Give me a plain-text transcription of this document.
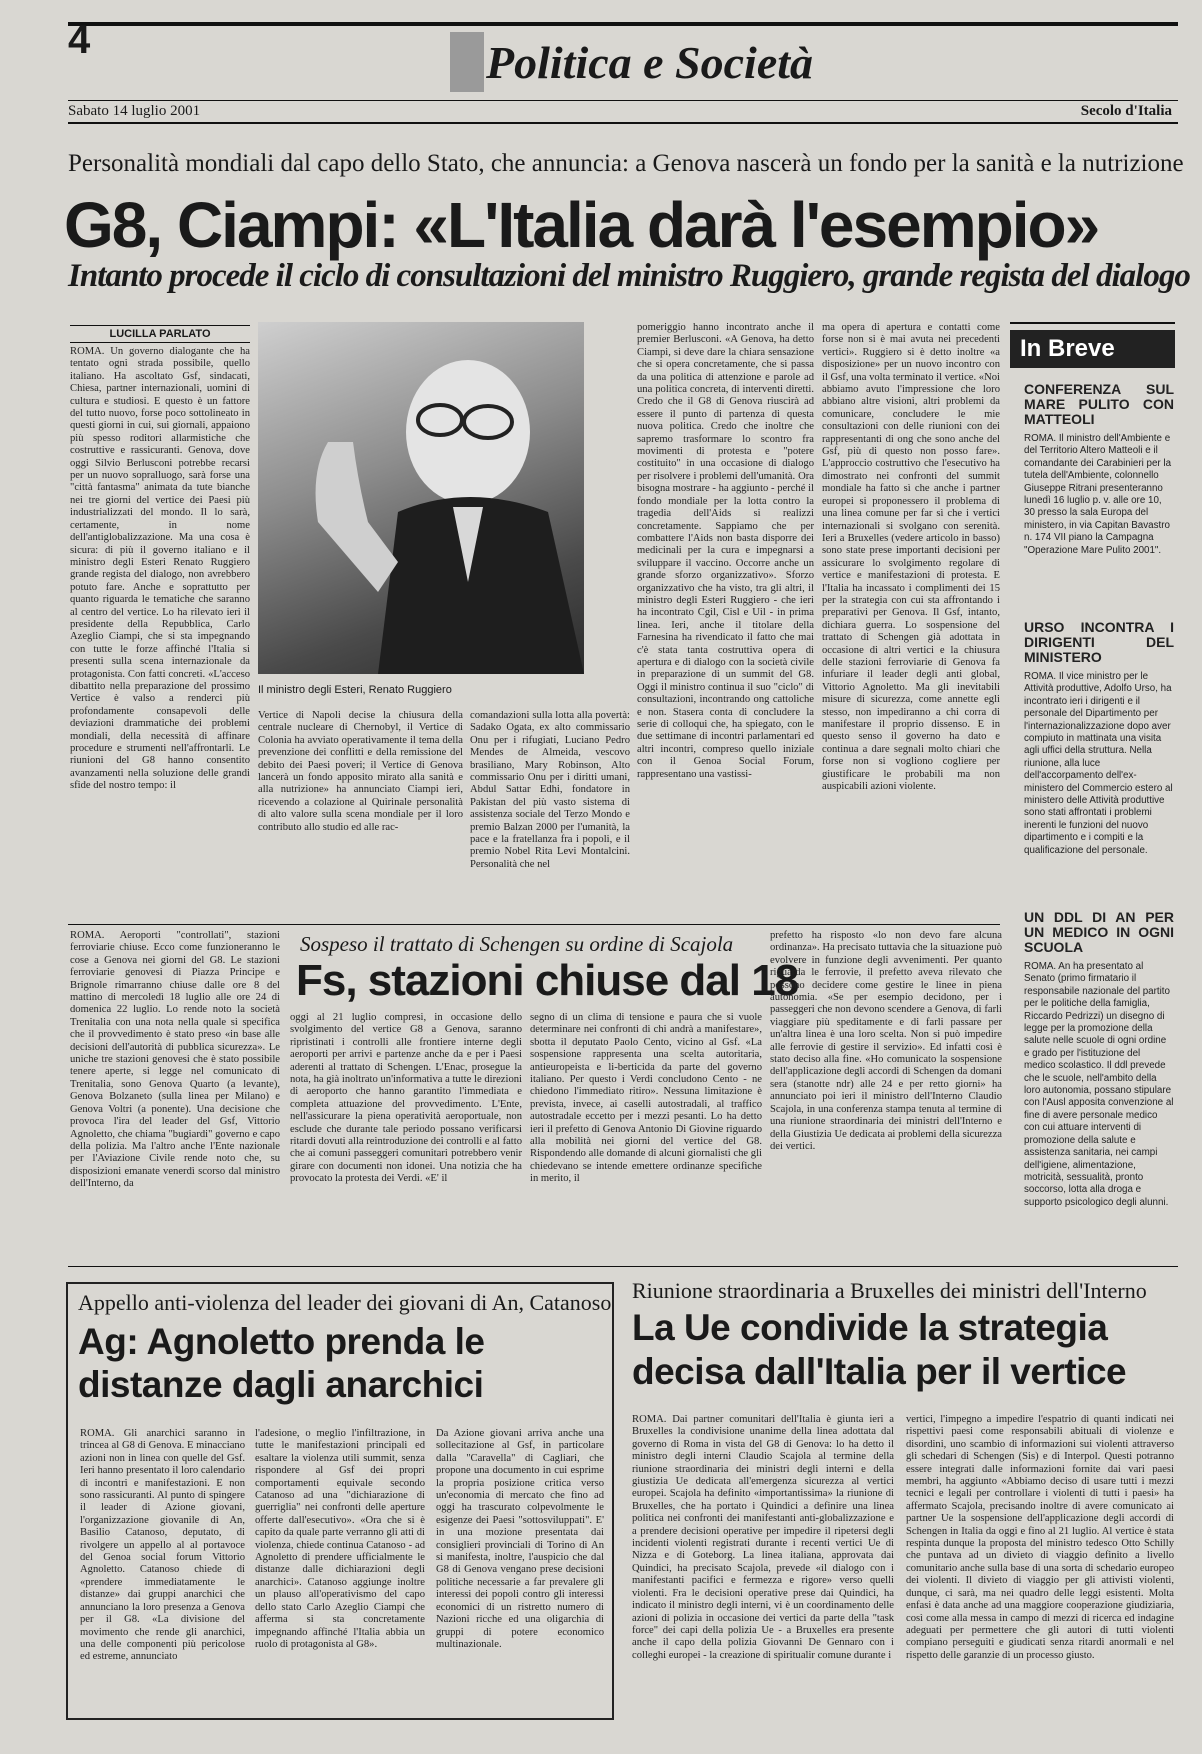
4	Politica e Società
Sabato 14 luglio 2001	Secolo d'Italia
Personalità mondiali dal capo dello Stato, che annuncia: a Genova nascerà un fondo per la sanità e la nutrizione
G8, Ciampi: «L'Italia darà l'esempio»
Intanto procede il ciclo di consultazioni del ministro Ruggiero, grande regista del dialogo
LUCILLA PARLATO

ROMA. Un governo dialogante che ha tentato ogni strada possibile, quello italiano. Ha ascoltato Gsf, sindacati, Chiesa, partner internazionali, uomini di cultura e studiosi. E questo è un fattore del tutto nuovo, forse poco sottolineato in questi giorni in cui, sui giornali, appaiono più spesso roditori allarmistiche che costruttive e rassicuranti. Genova, dove oggi Silvio Berlusconi potrebbe recarsi per un nuovo sopralluogo, sarà forse una "città fantasma" animata da tute bianche nei tre giorni del vertice dei Paesi più industrializzati del mondo. Il lo sarà, certamente, in nome dell'antiglobalizzazione. Ma una cosa è sicura: di più il governo italiano e il ministro degli Esteri Renato Ruggiero grande regista del dialogo, non avrebbero potuto fare. Anche e soprattutto per quanto riguarda le tematiche che saranno al centro del vertice. Lo ha rilevato ieri il presidente della Repubblica, Carlo Azeglio Ciampi, che si sta impegnando con tutte le forze affinché l'Italia si presenti sulla scena internazionale da protagonista. Con fatti concreti. «L'acceso dibattito nella preparazione del prossimo Vertice è valso a renderci più profondamente consapevoli delle deviazioni drammatiche dei problemi mondiali, della necessità di affinare procedure e strumenti nell'affrontarli. Le riunioni del G8 hanno consentito avanzamenti nella soluzione delle grandi sfide del nostro tempo: il

Il ministro degli Esteri, Renato Ruggiero

Vertice di Napoli decise la chiusura della centrale nucleare di Chernobyl, il Vertice di Colonia ha avviato operativamente il tema della prevenzione dei conflitti e della remissione del debito dei Paesi poveri; il Vertice di Genova lancerà un fondo apposito mirato alla sanità e alla nutrizione» ha annunciato Ciampi ieri, ricevendo a colazione al Quirinale personalità di alto valore sulla scena mondiale per il loro contributo allo studio ed alle rac-

comandazioni sulla lotta alla povertà: Sadako Ogata, ex alto commissario Onu per i rifugiati, Luciano Pedro Mendes de Almeida, vescovo brasiliano, Mary Robinson, Alto commissario Onu per i diritti umani, Abdul Sattar Edhi, fondatore in Pakistan del più vasto sistema di assistenza sociale del Terzo Mondo e premio Balzan 2000 per l'umanità, la pace e la fratellanza fra i popoli, e il premio Nobel Rita Levi Montalcini. Personalità che nel

pomeriggio hanno incontrato anche il premier Berlusconi. «A Genova, ha detto Ciampi, si deve dare la chiara sensazione che si opera concretamente, che si passa da una politica di attenzione e parole ad una politica concreta, di interventi diretti. Credo che il G8 di Genova riuscirà ad essere il punto di partenza di questa nuova politica. Credo che inoltre che sapremo trasformare lo scontro fra movimenti di protesta e "potere costituito" in una occasione di dialogo per risolvere i problemi dell'umanità. Ora bisogna mostrare - ha aggiunto - perché il fondo mondiale per la lotta contro la tragedia dell'Aids si realizzi concretamente. Sappiamo che per combattere l'Aids non basta disporre dei medicinali per la cura e impegnarsi a sviluppare il vaccino. Occorre anche un grande sforzo organizzativo». Sforzo organizzativo che ha visto, tra gli altri, il ministro degli Esteri Ruggiero - che ieri ha incontrato Cgil, Cisl e Uil - in prima linea. Ieri, anche il titolare della Farnesina ha rivendicato il fatto che mai c'è stata tanta costruttiva opera di apertura e di dialogo con la società civile in preparazione di un summit del G8. Oggi il ministro continua il suo "ciclo" di consultazioni, incontrando ong cattoliche e non. Stasera conta di concludere la serie di colloqui che, ha spiegato, con le due settimane di incontri parlamentari ed altri incontri, compreso quello iniziale con il Genoa Social Forum, rappresentano una vastissi-

ma opera di apertura e contatti come forse non si è mai avuta nei precedenti vertici». Ruggiero si è detto inoltre «a disposizione» per un nuovo incontro con il Gsf, una volta terminato il vertice. «Noi abbiamo avuto l'impressione che loro abbiano altre visioni, altri problemi da comunicare, concludere le mie consultazioni con delle riunioni con dei rappresentanti di ong che sono anche del Gsf, più di questo non posso fare». L'approccio costruttivo che l'esecutivo ha dimostrato nei confronti del summit mondiale ha fatto sì che anche i partner europei si proponessero il problema di una linea comune per far sì che i vertici internazionali si svolgano con serenità. Ieri a Bruxelles (vedere articolo in basso) sono state prese importanti decisioni per assicurare lo svolgimento regolare di vertice e manifestazioni di protesta. E l'Italia ha incassato i complimenti dei 15 per la strategia con cui sta affrontando i preparativi per Genova. Il Gsf, intanto, dichiara guerra. Lo sospensione del trattato di Schengen già adottata in occasione di altri vertici e la chiusura delle stazioni ferroviarie di Genova fa infuriare il leader degli anti global, Vittorio Agnoletto. Ma gli inevitabili misure di sicurezza, come annette egli stesso, non impediranno a chi corra di manifestare il proprio dissenso. E in questo senso il governo ha dato e continua a dare segnali molto chiari che forse non si vogliono cogliere per giustificare le probabili ma non auspicabili azioni violente.

In Breve
CONFERENZA SUL MARE PULITO CON MATTEOLI

ROMA. Il ministro dell'Ambiente e del Territorio Altero Matteoli e il comandante dei Carabinieri per la tutela dell'Ambiente, colonnello Giuseppe Ritrani presenteranno lunedì 16 luglio p. v. alle ore 10, 30 presso la sala Europa del ministero, in via Capitan Bavastro n. 174 VII piano la Campagna "Operazione Mare Pulito 2001".

URSO INCONTRA I DIRIGENTI DEL MINISTERO

ROMA. Il vice ministro per le Attività produttive, Adolfo Urso, ha incontrato ieri i dirigenti e il personale del Dipartimento per l'internazionalizzazione dopo aver compiuto in mattinata una visita agli uffici della struttura. Nella riunione, alla luce dell'accorpamento dell'ex-ministero del Commercio estero al ministero delle Attività produttive sono stati affrontati i problemi inerenti le funzioni del nuovo dipartimento e i compiti e la qualificazione del personale.

UN DDL DI AN PER UN MEDICO IN OGNI SCUOLA

ROMA. An ha presentato al Senato (primo firmatario il responsabile nazionale del partito per le politiche della famiglia, Riccardo Pedrizzi) un disegno di legge per la promozione della salute nelle scuole di ogni ordine e grado per l'istituzione del medico scolastico. Il ddl prevede che le scuole, nell'ambito della loro autonomia, possano stipulare con l'Ausl apposita convenzione al fine di avere personale medico con cui attuare interventi di promozione della salute e assistenza sanitaria, nei campi dell'igiene, alimentazione, motricità, sessualità, pronto soccorso, lotta alla droga e supporto psicologico degli alunni.

ROMA. Aeroporti "controllati", stazioni ferroviarie chiuse. Ecco come funzioneranno le cose a Genova nei giorni del G8. Le stazioni ferroviarie genovesi di Piazza Principe e Brignole rimarranno chiuse dalle ore 8 del mattino di mercoledì 18 luglio alle ore 24 di domenica 22 luglio. Lo rende noto la società Trenitalia con una nota nella quale si specifica che il provvedimento è stato preso «in base alle decisioni dell'autorità di pubblica sicurezza». Le uniche tre stazioni genovesi che è stato possibile tenere aperte, si legge nel comunicato di Trenitalia, sono Genova Quarto (a levante), Genova Bolzaneto (sulla linea per Milano) e Genova Voltri (a ponente). Una decisione che provoca l'ira del leader del Gsf, Vittorio Agnoletto, che chiama "bugiardi" governo e capo della polizia. Ma l'altro anche l'Ente nazionale per l'Aviazione Civile rende noto che, su disposizioni emanate venerdì scorso dal ministro dell'Interno, da

Sospeso il trattato di Schengen su ordine di Scajola
Fs, stazioni chiuse dal 18

oggi al 21 luglio compresi, in occasione dello svolgimento del vertice G8 a Genova, saranno ripristinati i controlli alle frontiere interne degli aeroporti per arrivi e partenze anche da e per i Paesi aderenti al trattato di Schengen. L'Enac, prosegue la nota, ha già inoltrato un'informativa a tutte le direzioni di aeroporto che hanno garantito l'immediata e completa attuazione del provvedimento. L'Ente, nell'assicurare la piena operatività aeroportuale, non esclude che durante tale periodo possano verificarsi ritardi dovuti alla reintroduzione dei controlli e al fatto che ai comuni passeggeri comunitari potrebbero venir girare con documenti non idonei. Una notizia che ha provocato la protesta dei Verdi. «E' il

segno di un clima di tensione e paura che si vuole determinare nei confronti di chi andrà a manifestare», sbotta il deputato Paolo Cento, vicino al Gsf. «La sospensione rappresenta una scelta autoritaria, antieuropeista e li-berticida da parte del governo italiano. Per questo i Verdi concludono Cento - ne chiedono l'immediato ritiro». Nessuna limitazione è prevista, invece, ai caselli autostradali, al traffico autostradale eccetto per i mezzi pesanti. Lo ha detto ieri il prefetto di Genova Antonio Di Giovine riguardo alla mobilità nei giorni del vertice del G8. Rispondendo alle domande di alcuni giornalisti che gli chiedevano se intende emettere ordinanze specifiche in merito, il

prefetto ha risposto «lo non devo fare alcuna ordinanza». Ha precisato tuttavia che la situazione può evolvere in funzione degli avvenimenti. Per quanto riguarda le ferrovie, il prefetto aveva rilevato che possono decidere come gestire le linee in piena autonomia. «Se per esempio decidono, per i passeggeri che non devono scendere a Genova, di farli viaggiare più speditamente e di farli passare per un'altra linea è una loro scelta. Non si può impedire alle ferrovie di gestire il servizio». Ed infatti così è stato deciso alla fine. «Ho comunicato la sospensione dell'applicazione degli accordi di Schengen da domani sera (stanotte ndr) alle 24 e per retto giorni» ha annunciato poi ieri il ministro dell'Interno Claudio Scajola, in una conferenza stampa tenuta al termine di una riunione straordinaria dei ministri dell'Interno e della Giustizia Ue dedicata ai problemi della sicurezza dei vertici.

Appello anti-violenza del leader dei giovani di An, Catanoso
Ag: Agnoletto prenda le distanze dagli anarchici

ROMA. Gli anarchici saranno in trincea al G8 di Genova. E minacciano azioni non in linea con quelle del Gsf. Ieri hanno presentato il loro calendario di incontri e manifestazioni. E non sono rassicuranti. Al punto di spingere il leader di Azione giovani, l'organizzazione giovanile di An, Basilio Catanoso, deputato, di rivolgere un appello al al portavoce del Genoa social forum Vittorio Agnoletto. Catanoso chiede di «prendere immediatamente le distanze» dai gruppi anarchici che annunciano la loro presenza a Genova per il G8. «La divisione del movimento che rende gli anarchici, una delle componenti più pericolose ed estreme, annunciato

l'adesione, o meglio l'infiltrazione, in tutte le manifestazioni principali ed esaltare la violenza utili summit, senza rispondere al Gsf dei propri comportamenti equivale secondo Catanoso ad una "dichiarazione di guerriglia" nei confronti delle aperture offerte dall'esecutivo». «Ora che si è capito da quale parte verranno gli atti di violenza, chiede continua Catanoso - ad Agnoletto di prendere ufficialmente le distanze dalle dichiarazioni degli anarchici». Catanoso aggiunge inoltre un plauso all'operativismo del capo dello stato Carlo Azeglio Ciampi che afferma si sta concretamente impegnando affinché l'Italia abbia un ruolo di protagonista al G8».

Da Azione giovani arriva anche una sollecitazione al Gsf, in particolare dalla "Caravella" di Cagliari, che propone una documento in cui esprime la propria posizione critica verso un'economia di mercato che fino ad oggi ha trascurato colpevolmente le esigenze dei Paesi "sottosviluppati". E' in una mozione presentata dai consiglieri provinciali di Torino di An si manifesta, inoltre, l'auspicio che dal G8 di Genova vengano prese decisioni politiche necessarie a far prevalere gli interessi dei popoli contro gli interessi economici di un ristretto numero di Nazioni ricche ed una oligarchia di gruppi di potere economico multinazionale.

Riunione straordinaria a Bruxelles dei ministri dell'Interno
La Ue condivide la strategia decisa dall'Italia per il vertice

ROMA. Dai partner comunitari dell'Italia è giunta ieri a Bruxelles la condivisione unanime della linea adottata dal governo di Roma in vista del G8 di Genova: lo ha detto il ministro degli interni Claudio Scajola al termine della riunione straordinaria dei ministri degli interni e della giustizia Ue dedicata all'emergenza sicurezza al vertici europei. Scajola ha definito «importantissima» la riunione di Bruxelles, che ha portato i Quindici a definire una linea politica nei confronti dei manifestanti anti-globalizzazione e a prendere decisioni operative per impedire il ripetersi degli incidenti violenti registrati durante i recenti vertici Ue di Nizza e di Goteborg. La linea italiana, approvata dai Quindici, ha precisato Scajola, prevede «il dialogo con i manifestanti pacifici e fermezza e rigore» verso quelli violenti. Fra le decisioni operative prese dai Quindici, ha indicato il ministro degli interni, vi è un coordinamento delle azioni di polizia in occasione dei vertici da parte della "task force" dei capi della polizia Ue - a Bruxelles era presente anche il capo della polizia Giovanni De Gennaro con i colleghi europei - la creazione di spiritualir comune durante i

vertici, l'impegno a impedire l'espatrio di quanti indicati nei rispettivi paesi come responsabili abituali di violenze e disordini, uno scambio di informazioni sui violenti attraverso gli schedari di Schengen (Sis) e di Interpol. Questi potranno essere integrati dalle informazioni fornite dai vari paesi membri, ha aggiunto «Abbiamo deciso di usare tutti i mezzi tecnici e legali per controllare i violenti di tutti i paesi» ha affermato Scajola, precisando inoltre di avere comunicato ai partner Ue la sospensione dell'applicazione degli accordi di Schengen in Italia da oggi e fino al 21 luglio. Al vertice è stata respinta dunque la proposta del ministro tedesco Otto Schilly che puntava ad un divieto di viaggio definito a livello comunitario anche sulla base di una sorta di schedario europeo dei violenti. Il divieto di viaggio per gli attivisti violenti, dunque, ci sarà, ma nei quadro delle leggi esistenti. Molta enfasi è data anche ad una maggiore cooperazione giudiziaria, così come alla messa in campo di mezzi di ricerca ed indagine adeguati per permettere che gli autori di tutti violenti compiano perseguiti e giudicati senza ritardi anormali e nel rispetto delle garanzie di un processo giusto.
